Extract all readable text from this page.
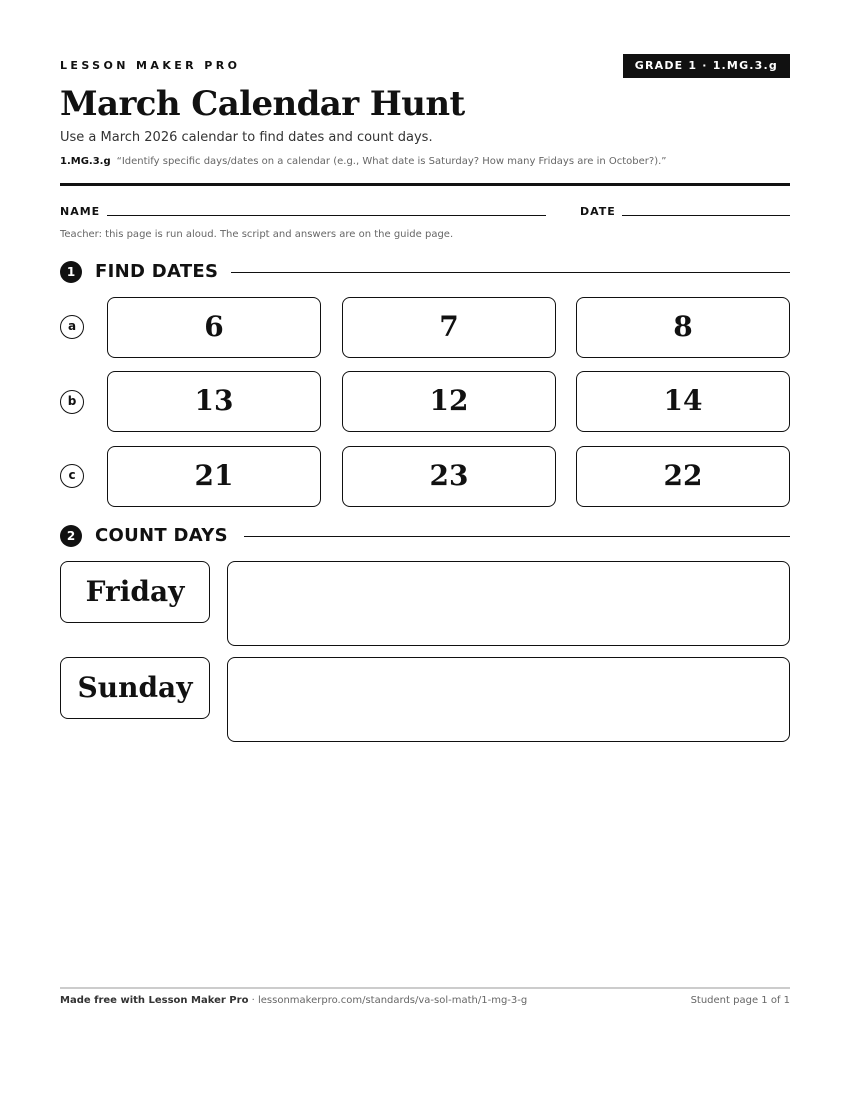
LESSON MAKER PRO	GRADE 1 · 1.MG.3.g
March Calendar Hunt
Use a March 2026 calendar to find dates and count days.
1.MG.3.g “Identify specific days/dates on a calendar (e.g., What date is Saturday? How many Fridays are in October?).”
NAME	DATE
Teacher: this page is run aloud. The script and answers are on the guide page.
1	FIND DATES
a	6	7	8
b	13	12	14
c	21	23	22
2	COUNT DAYS
Friday
Sunday
Made free with Lesson Maker Pro · lessonmakerpro.com/standards/va-sol-math/1-mg-3-g	Student page 1 of 1
